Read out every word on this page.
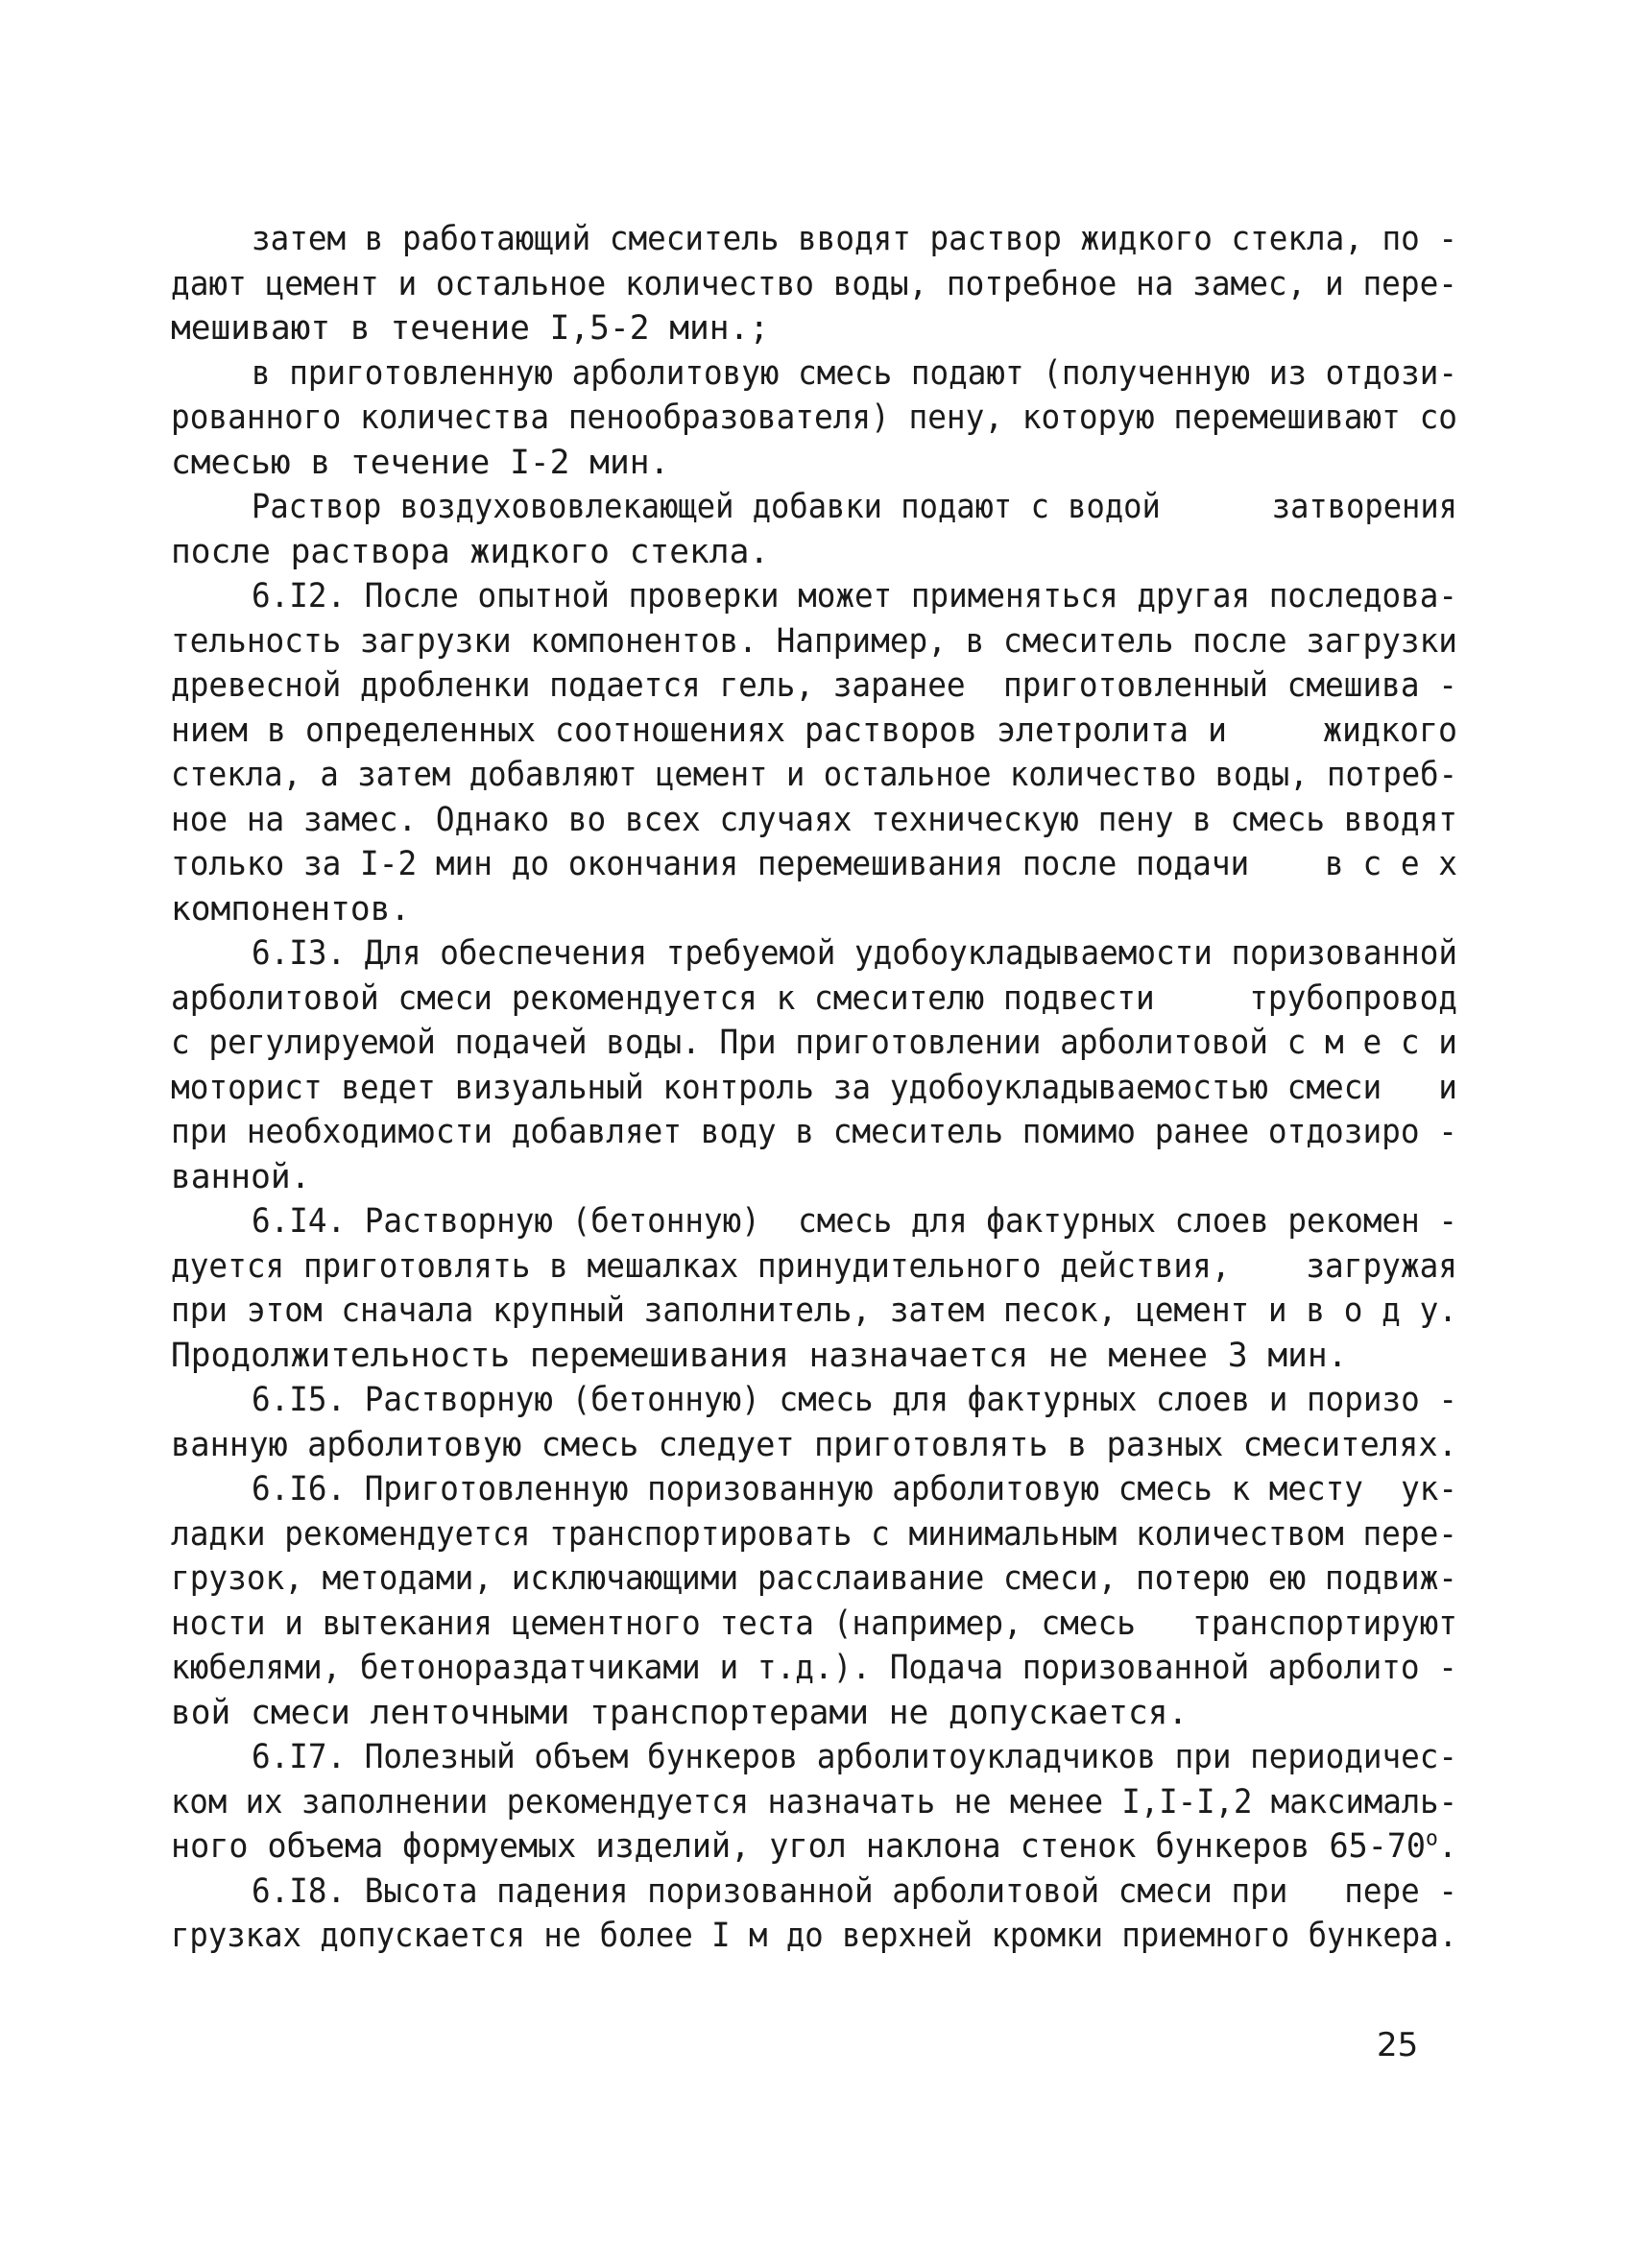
затем в работающий смеситель вводят раствор жидкого стекла, по -
дают цемент и остальное количество воды, потребное на замес, и пере-
мешивают в течение I,5-2 мин.;
в приготовленную арболитовую смесь подают (полученную из отдози-
рованного количества пенообразователя) пену, которую перемешивают со
смесью в течение I-2 мин.
Раствор воздухововлекающей добавки подают с водой      затворения
после раствора жидкого стекла.
6.I2. После опытной проверки может применяться другая последова-
тельность загрузки компонентов. Например, в смеситель после загрузки
древесной дробленки подается гель, заранее  приготовленный смешива -
нием в определенных соотношениях растворов элетролита и     жидкого
стекла, а затем добавляют цемент и остальное количество воды, потреб-
ное на замес. Однако во всех случаях техническую пену в смесь вводят
только за I-2 мин до окончания перемешивания после подачи    в с е х
компонентов.
6.I3. Для обеспечения требуемой удобоукладываемости поризованной
арболитовой смеси рекомендуется к смесителю подвести     трубопровод
с регулируемой подачей воды. При приготовлении арболитовой с м е с и
моторист ведет визуальный контроль за удобоукладываемостью смеси   и
при необходимости добавляет воду в смеситель помимо ранее отдозиро -
ванной.
6.I4. Растворную (бетонную)  смесь для фактурных слоев рекомен -
дуется приготовлять в мешалках принудительного действия,    загружая
при этом сначала крупный заполнитель, затем песок, цемент и в о д у.
Продолжительность перемешивания назначается не менее 3 мин.
6.I5. Растворную (бетонную) смесь для фактурных слоев и поризо -
ванную арболитовую смесь следует приготовлять в разных смесителях.
6.I6. Приготовленную поризованную арболитовую смесь к месту  ук-
ладки рекомендуется транспортировать с минимальным количеством пере-
грузок, методами, исключающими расслаивание смеси, потерю ею подвиж-
ности и вытекания цементного теста (например, смесь   транспортируют
кюбелями, бетонораздатчиками и т.д.). Подача поризованной арболито -
вой смеси ленточными транспортерами не допускается.
6.I7. Полезный объем бункеров арболитоукладчиков при периодичес-
ком их заполнении рекомендуется назначать не менее I,I-I,2 максималь-
ного объема формуемых изделий, угол наклона стенок бункеров $65-70^о$.
6.I8. Высота падения поризованной арболитовой смеси при   пере -
грузках допускается не более I м до верхней кромки приемного бункера.
25
